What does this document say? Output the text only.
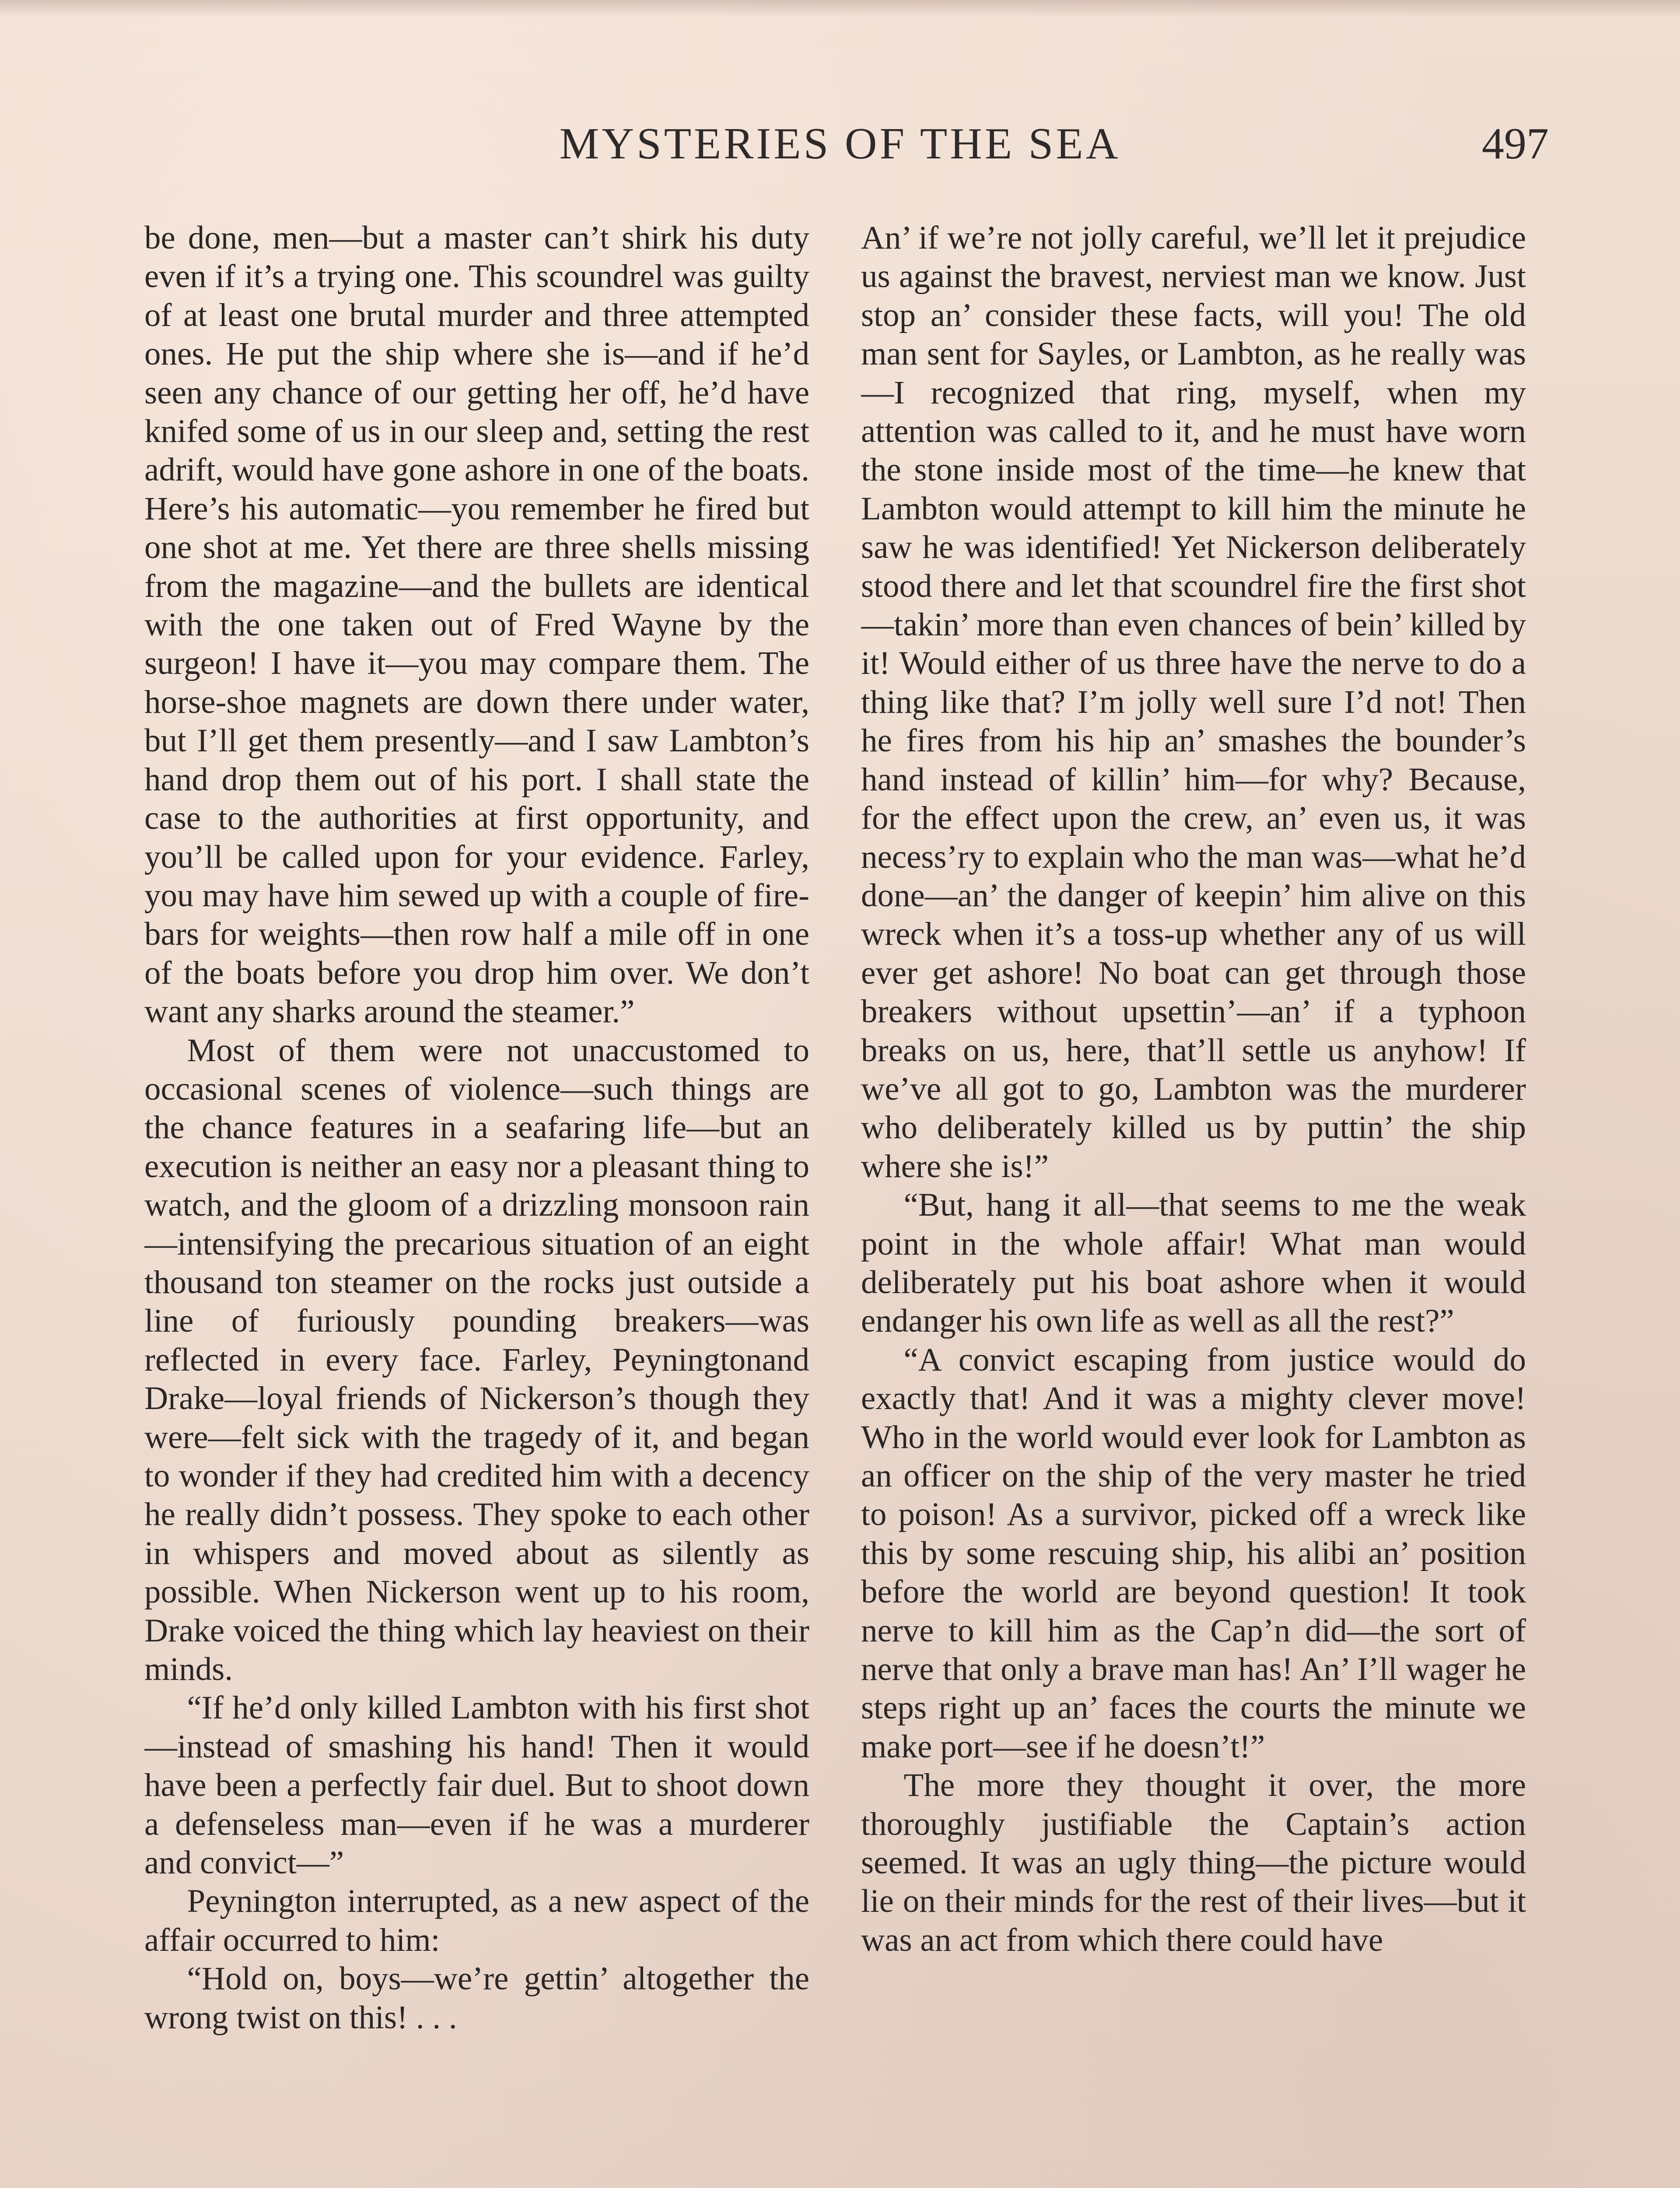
MYSTERIES OF THE SEA	497

be done, men—but a master can’t shirk his duty even if it’s a trying one. This scoundrel was guilty of at least one brutal murder and three attempted ones. He put the ship where she is—and if he’d seen any chance of our getting her off, he’d have knifed some of us in our sleep and, setting the rest adrift, would have gone ashore in one of the boats. Here’s his automatic—you remember he fired but one shot at me. Yet there are three shells missing from the magazine—and the bullets are identical with the one taken out of Fred Wayne by the surgeon! I have it—you may compare them. The horse-shoe magnets are down there under water, but I’ll get them presently—and I saw Lambton’s hand drop them out of his port. I shall state the case to the authorities at first opportunity, and you’ll be called upon for your evidence. Farley, you may have him sewed up with a couple of fire-bars for weights—then row half a mile off in one of the boats before you drop him over. We don’t want any sharks around the steamer.”

Most of them were not unaccustomed to occasional scenes of violence—such things are the chance features in a seafaring life—but an execution is neither an easy nor a pleasant thing to watch, and the gloom of a drizzling monsoon rain—intensifying the precarious situation of an eight thousand ton steamer on the rocks just outside a line of furiously pounding breakers—was reflected in every face. Farley, Peyningtonand Drake—loyal friends of Nickerson’s though they were—felt sick with the tragedy of it, and began to wonder if they had credited him with a decency he really didn’t possess. They spoke to each other in whispers and moved about as silently as possible. When Nickerson went up to his room, Drake voiced the thing which lay heaviest on their minds.

“If he’d only killed Lambton with his first shot—instead of smashing his hand! Then it would have been a perfectly fair duel. But to shoot down a defenseless man—even if he was a murderer and convict—”

Peynington interrupted, as a new aspect of the affair occurred to him:

“Hold on, boys—we’re gettin’ altogether the wrong twist on this! . . .

An’ if we’re not jolly careful, we’ll let it prejudice us against the bravest, nerviest man we know. Just stop an’ consider these facts, will you! The old man sent for Sayles, or Lambton, as he really was—I recognized that ring, myself, when my attention was called to it, and he must have worn the stone inside most of the time—he knew that Lambton would attempt to kill him the minute he saw he was identified! Yet Nickerson deliberately stood there and let that scoundrel fire the first shot—takin’ more than even chances of bein’ killed by it! Would either of us three have the nerve to do a thing like that? I’m jolly well sure I’d not! Then he fires from his hip an’ smashes the bounder’s hand instead of killin’ him—for why? Because, for the effect upon the crew, an’ even us, it was necess’ry to explain who the man was—what he’d done—an’ the danger of keepin’ him alive on this wreck when it’s a toss-up whether any of us will ever get ashore! No boat can get through those breakers without upsettin’—an’ if a typhoon breaks on us, here, that’ll settle us anyhow! If we’ve all got to go, Lambton was the murderer who deliberately killed us by puttin’ the ship where she is!”

“But, hang it all—that seems to me the weak point in the whole affair! What man would deliberately put his boat ashore when it would endanger his own life as well as all the rest?”

“A convict escaping from justice would do exactly that! And it was a mighty clever move! Who in the world would ever look for Lambton as an officer on the ship of the very master he tried to poison! As a survivor, picked off a wreck like this by some rescuing ship, his alibi an’ position before the world are beyond question! It took nerve to kill him as the Cap’n did—the sort of nerve that only a brave man has! An’ I’ll wager he steps right up an’ faces the courts the minute we make port—see if he doesn’t!”

The more they thought it over, the more thoroughly justifiable the Captain’s action seemed. It was an ugly thing—the picture would lie on their minds for the rest of their lives—but it was an act from which there could have
